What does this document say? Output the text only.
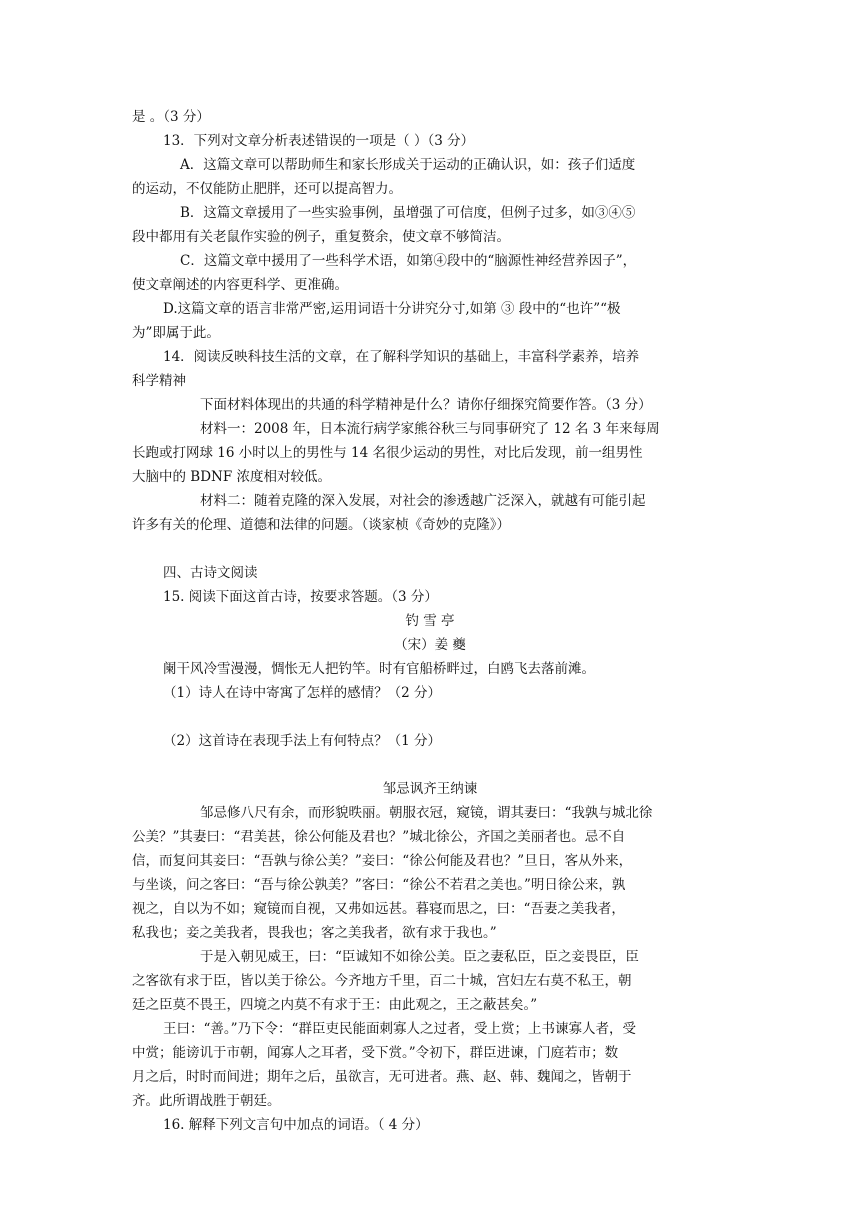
是 。（3 分）
13．下列对文章分析表述错误的一项是（ ）（3 分）
A．这篇文章可以帮助师生和家长形成关于运动的正确认识，如：孩子们适度
的运动，不仅能防止肥胖，还可以提高智力。
B．这篇文章援用了一些实验事例，虽增强了可信度，但例子过多，如③④⑤
段中都用有关老鼠作实验的例子，重复赘余，使文章不够简洁。
C．这篇文章中援用了一些科学术语，如第④段中的“脑源性神经营养因子”，
使文章阐述的内容更科学、更准确。
D.这篇文章的语言非常严密,运用词语十分讲究分寸,如第 ③ 段中的“也许”“极
为”即属于此。
14．阅读反映科技生活的文章，在了解科学知识的基础上，丰富科学素养，培养
科学精神
下面材料体现出的共通的科学精神是什么？请你仔细探究简要作答。（3 分）
材料一：2008 年，日本流行病学家熊谷秋三与同事研究了 12 名 3 年来每周
长跑或打网球 16 小时以上的男性与 14 名很少运动的男性，对比后发现，前一组男性
大脑中的 BDNF 浓度相对较低。
材料二：随着克隆的深入发展，对社会的渗透越广泛深入，就越有可能引起
许多有关的伦理、道德和法律的问题。（谈家桢《奇妙的克隆》）
四、古诗文阅读
15. 阅读下面这首古诗，按要求答题。（3 分）
钓 雪 亭
（宋）姜 夔
阑干风冷雪漫漫，惆怅无人把钓竿。时有官船桥畔过，白鸥飞去落前滩。
（1）诗人在诗中寄寓了怎样的感情？（2 分）
（2）这首诗在表现手法上有何特点？（1 分）
邹忌讽齐王纳谏
邹忌修八尺有余，而形貌昳丽。朝服衣冠，窥镜，谓其妻曰：“我孰与城北徐
公美？”其妻曰：“君美甚，徐公何能及君也？”城北徐公，齐国之美丽者也。忌不自
信，而复问其妾曰：“吾孰与徐公美？”妾曰：“徐公何能及君也？”旦日，客从外来，
与坐谈，问之客曰：“吾与徐公孰美？”客曰：“徐公不若君之美也。”明日徐公来，孰
视之，自以为不如；窥镜而自视，又弗如远甚。暮寝而思之，曰：“吾妻之美我者，
私我也；妾之美我者，畏我也；客之美我者，欲有求于我也。”
于是入朝见威王，曰：“臣诚知不如徐公美。臣之妻私臣，臣之妾畏臣，臣
之客欲有求于臣，皆以美于徐公。今齐地方千里，百二十城，宫妇左右莫不私王，朝
廷之臣莫不畏王，四境之内莫不有求于王：由此观之，王之蔽甚矣。”
王曰：“善。”乃下令：“群臣吏民能面刺寡人之过者，受上赏；上书谏寡人者，受
中赏；能谤讥于市朝，闻寡人之耳者，受下赏。”令初下，群臣进谏，门庭若市；数
月之后，时时而间进；期年之后，虽欲言，无可进者。燕、赵、韩、魏闻之，皆朝于
齐。此所谓战胜于朝廷。
16. 解释下列文言句中加点的词语。（ 4 分）
